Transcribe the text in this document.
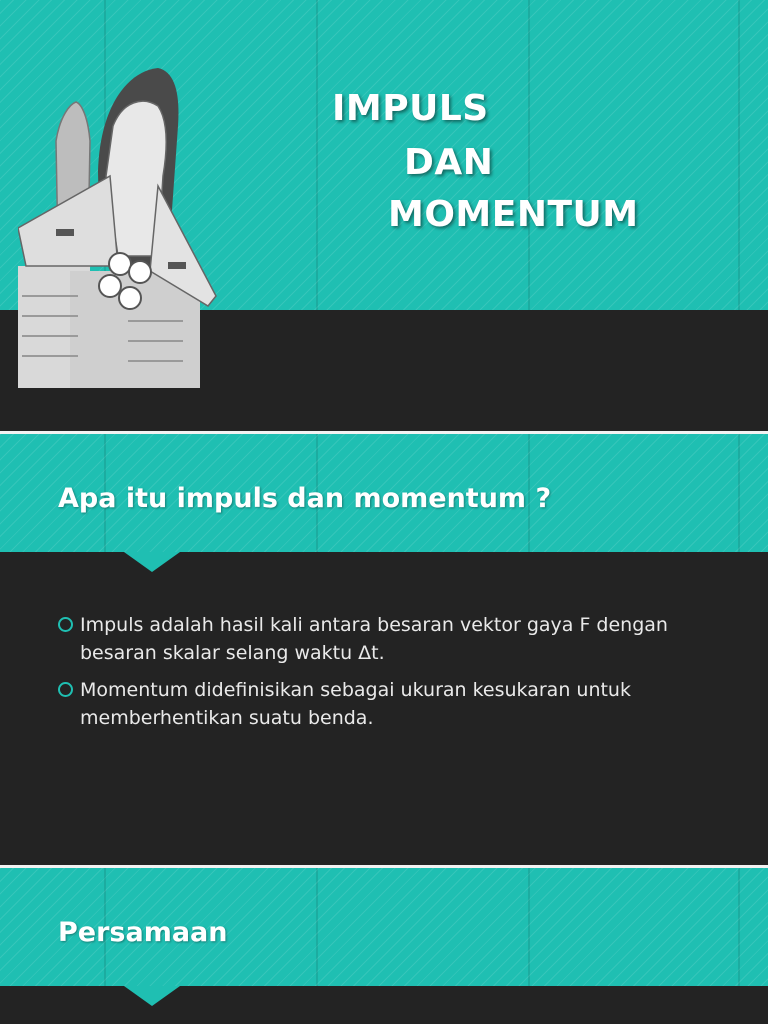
IMPULS
DAN
MOMENTUM
Apa itu impuls dan momentum ?
Impuls adalah hasil kali antara besaran vektor gaya F dengan besaran skalar selang waktu Δt.
Momentum didefinisikan sebagai ukuran kesukaran untuk memberhentikan suatu benda.
Persamaan
